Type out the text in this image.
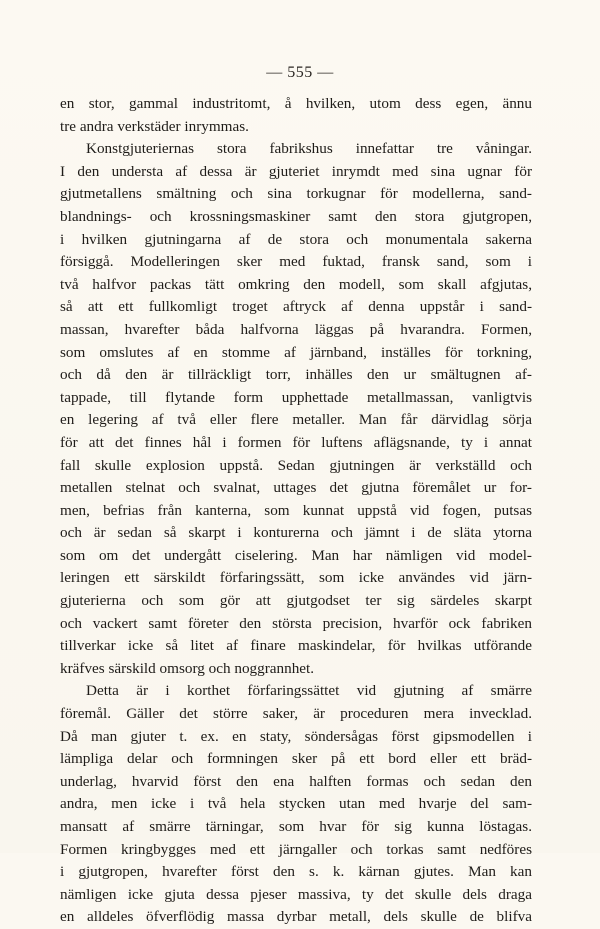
— 555 —
en stor, gammal industritomt, å hvilken, utom dess egen, ännu
tre andra verkstäder inrymmas.
Konstgjuteriernas stora fabrikshus innefattar tre våningar.
I den understa af dessa är gjuteriet inrymdt med sina ugnar för
gjutmetallens smältning och sina torkugnar för modellerna, sand-
blandnings- och krossningsmaskiner samt den stora gjutgropen,
i hvilken gjutningarna af de stora och monumentala sakerna
försiggå. Modelleringen sker med fuktad, fransk sand, som i
två halfvor packas tätt omkring den modell, som skall afgjutas,
så att ett fullkomligt troget aftryck af denna uppstår i sand-
massan, hvarefter båda halfvorna läggas på hvarandra. Formen,
som omslutes af en stomme af järnband, inställes för torkning,
och då den är tillräckligt torr, inhälles den ur smältugnen af-
tappade, till flytande form upphettade metallmassan, vanligtvis
en legering af två eller flere metaller. Man får därvidlag sörja
för att det finnes hål i formen för luftens aflägsnande, ty i annat
fall skulle explosion uppstå. Sedan gjutningen är verkställd och
metallen stelnat och svalnat, uttages det gjutna föremålet ur for-
men, befrias från kanterna, som kunnat uppstå vid fogen, putsas
och är sedan så skarpt i konturerna och jämnt i de släta ytorna
som om det undergått ciselering. Man har nämligen vid model-
leringen ett särskildt förfaringssätt, som icke användes vid järn-
gjuterierna och som gör att gjutgodset ter sig särdeles skarpt
och vackert samt företer den största precision, hvarför ock fabriken
tillverkar icke så litet af finare maskindelar, för hvilkas utförande
kräfves särskild omsorg och noggrannhet.
Detta är i korthet förfaringssättet vid gjutning af smärre
föremål. Gäller det större saker, är proceduren mera invecklad.
Då man gjuter t. ex. en staty, söndersågas först gipsmodellen i
lämpliga delar och formningen sker på ett bord eller ett bräd-
underlag, hvarvid först den ena halften formas och sedan den
andra, men icke i två hela stycken utan med hvarje del sam-
mansatt af smärre tärningar, som hvar för sig kunna löstagas.
Formen kringbygges med ett järngaller och torkas samt nedföres
i gjutgropen, hvarefter först den s. k. kärnan gjutes. Man kan
nämligen icke gjuta dessa pjeser massiva, ty det skulle dels draga
en alldeles öfverflödig massa dyrbar metall, dels skulle de blifva
